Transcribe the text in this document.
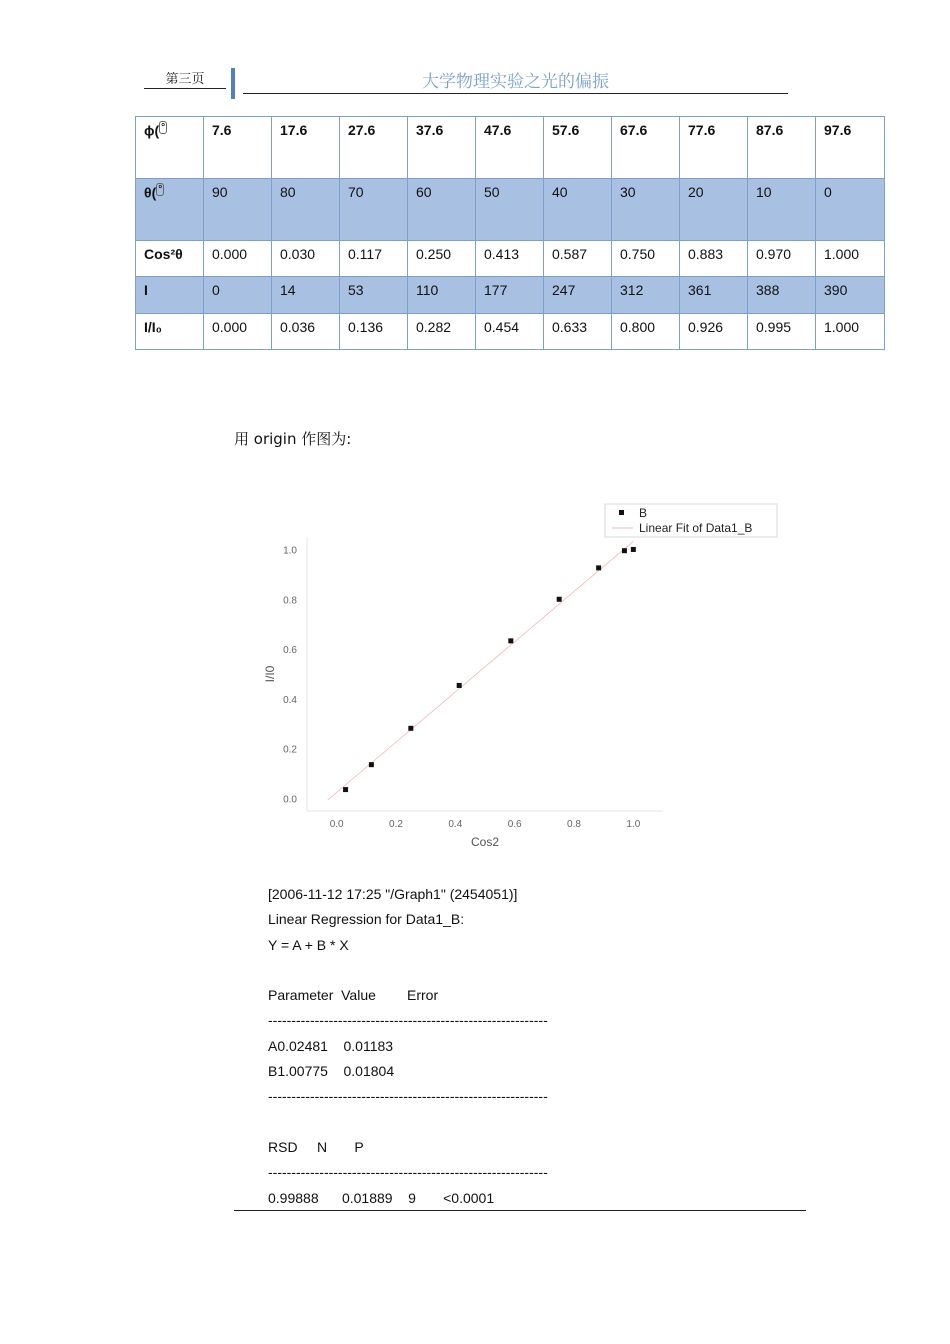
第三页	大学物理实验之光的偏振
ϕ( °	7.6	17.6	27.6	37.6	47.6	57.6	67.6	77.6	87.6	97.6
θ( °	90	80	70	60	50	40	30	20	10	0
Cos²θ	0.000	0.030	0.117	0.250	0.413	0.587	0.750	0.883	0.970	1.000
I	0	14	53	110	177	247	312	361	388	390
I/I₀	0.000	0.036	0.136	0.282	0.454	0.633	0.800	0.926	0.995	1.000
用 origin 作图为:
0.0	0.2	0.4	0.6	0.8	1.0
0.0
0.2
0.4
0.6
0.8
1.0
Cos2
I/I0
B
Linear Fit of Data1_B
[2006-11-12 17:25 "/Graph1" (2454051)]
Linear Regression for Data1_B:
Y = A + B * X
Parameter  Value        Error
------------------------------------------------------------
A0.02481    0.01183
B1.00775    0.01804
------------------------------------------------------------
RSD     N       P
------------------------------------------------------------
0.99888      0.01889    9       <0.0001
